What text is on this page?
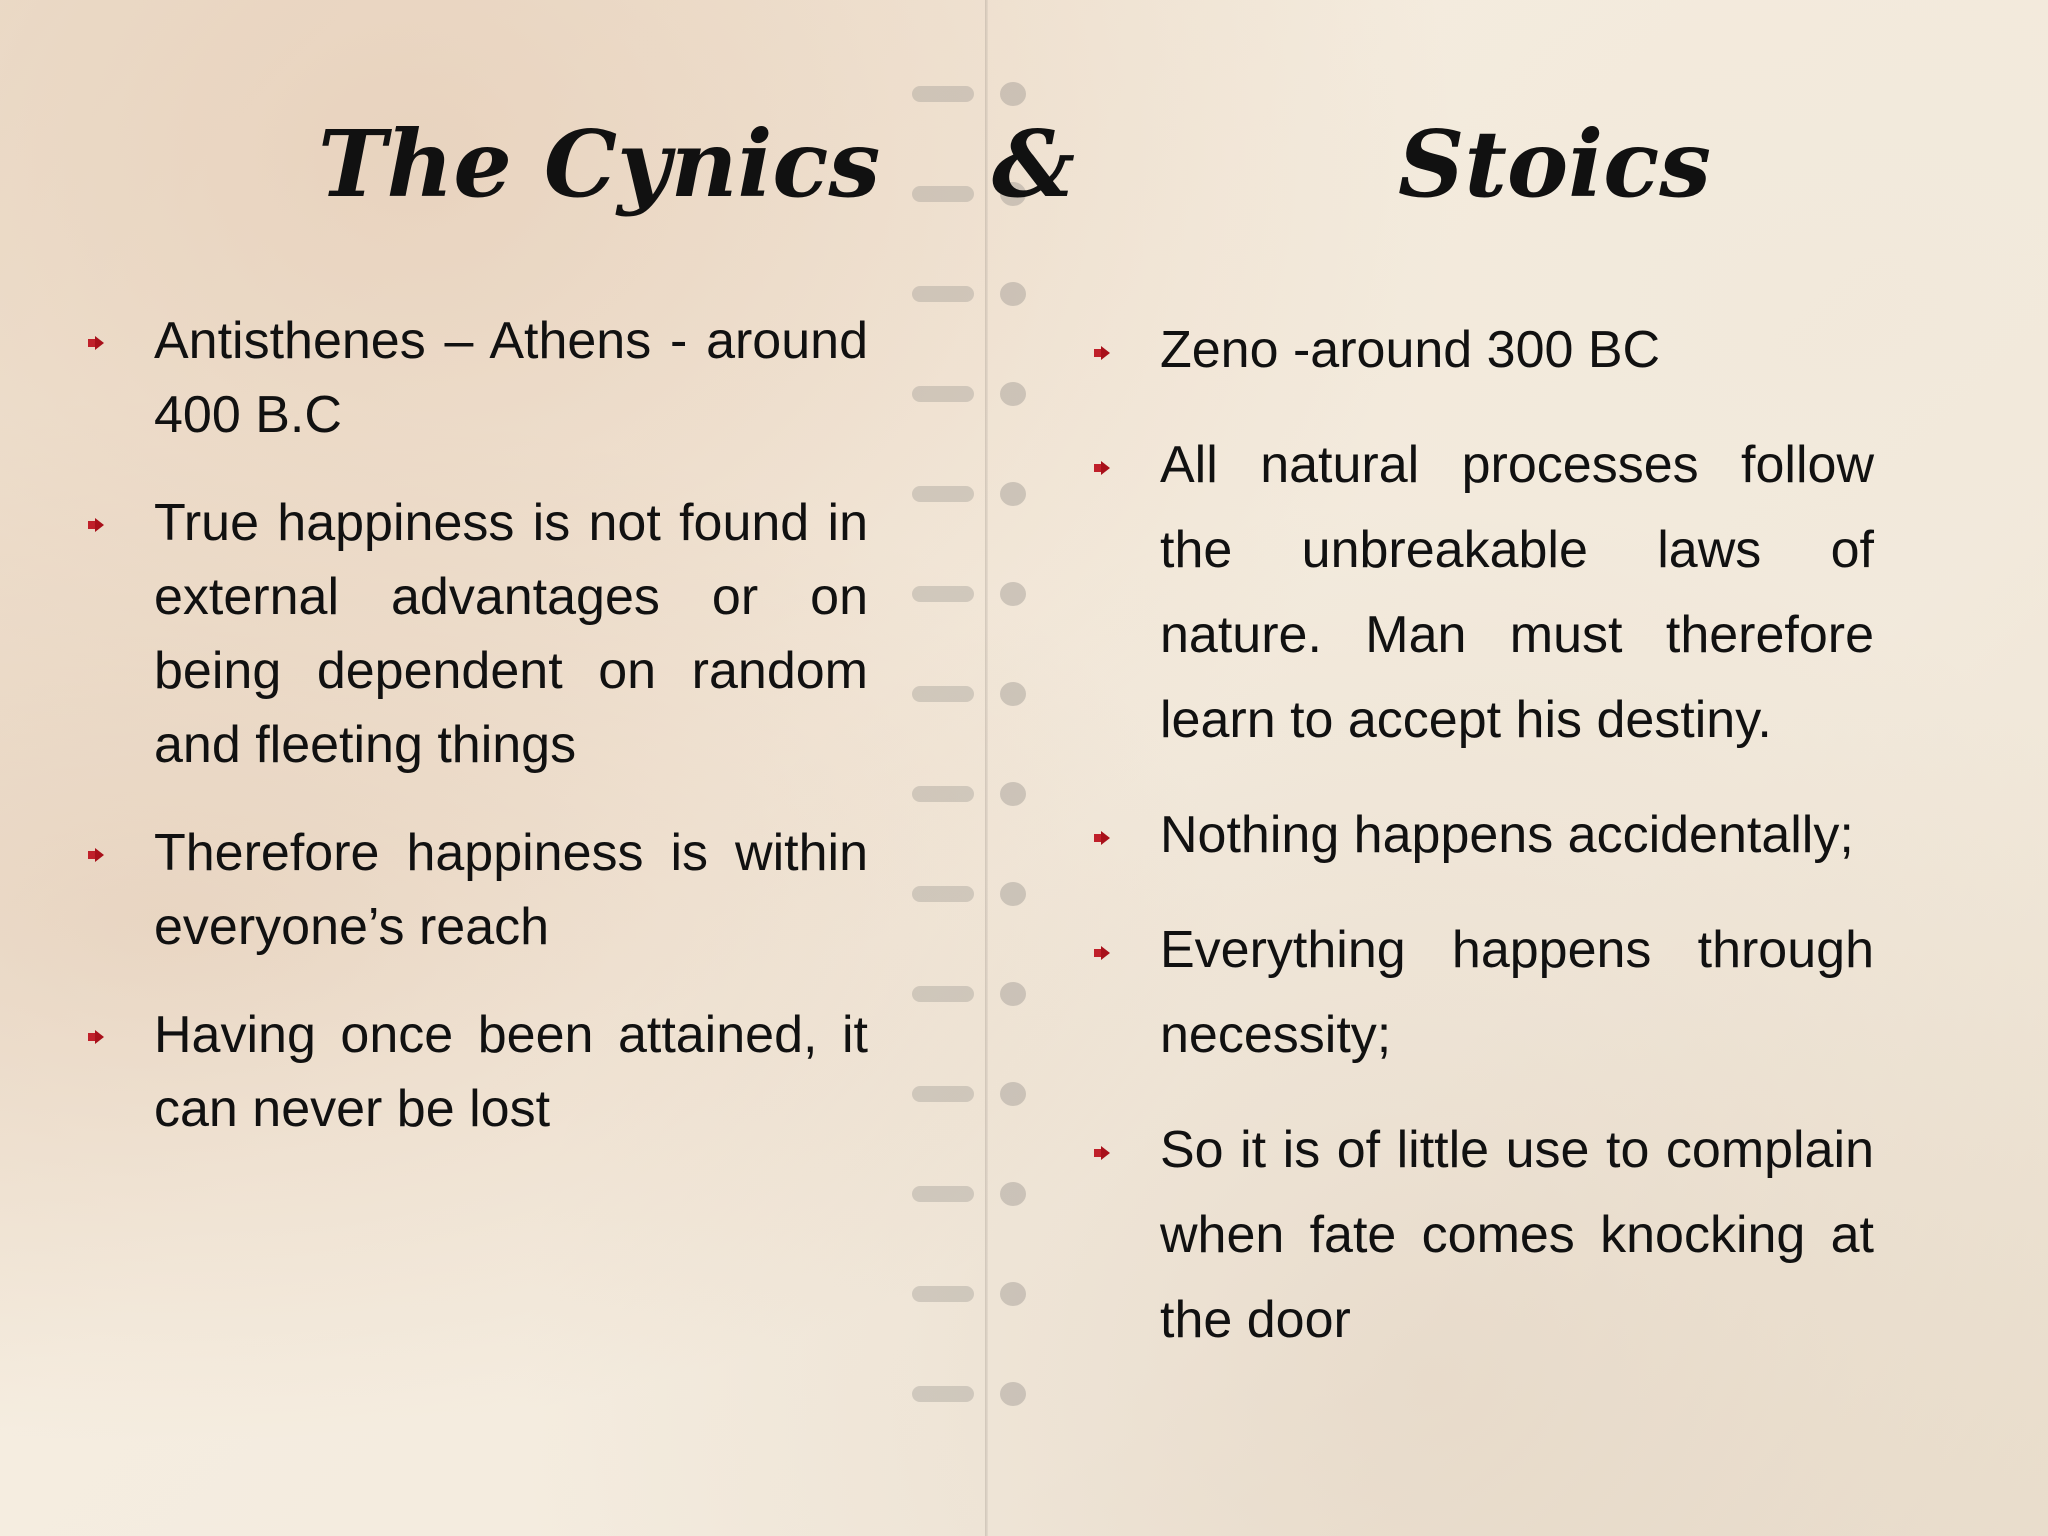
The Cynics &	Stoics
Antisthenes – Athens - around 400 B.C
True happiness is not found in external advantages or on being dependent on random and fleeting things
Therefore happiness is within everyone’s reach
Having once been attained, it can never be lost
Zeno -around 300 BC
All natural processes follow the unbreakable laws of nature. Man must therefore learn to accept his destiny.
Nothing happens accidentally;
Everything happens through necessity;
So it is of little use to complain when fate comes knocking at the door
